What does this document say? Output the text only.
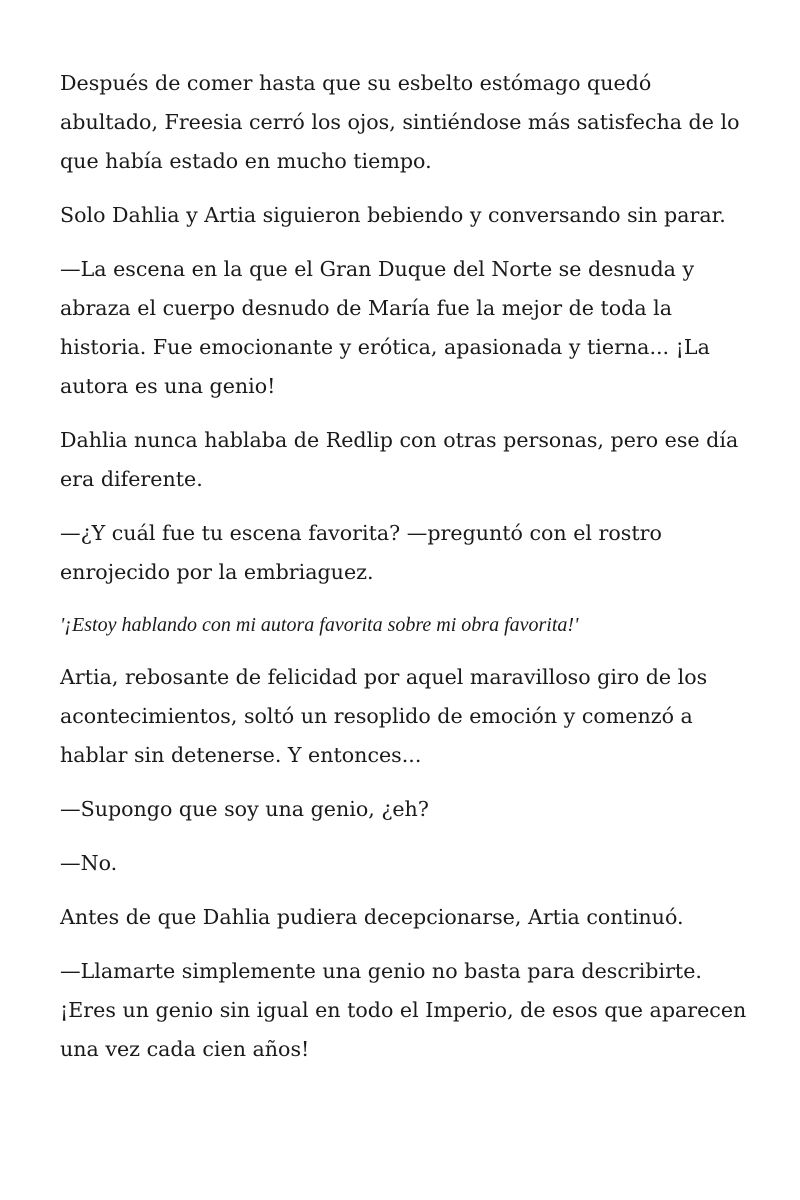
Después de comer hasta que su esbelto estómago quedó abultado, Freesia cerró los ojos, sintiéndose más satisfecha de lo que había estado en mucho tiempo.

Solo Dahlia y Artia siguieron bebiendo y conversando sin parar.

—La escena en la que el Gran Duque del Norte se desnuda y abraza el cuerpo desnudo de María fue la mejor de toda la historia. Fue emocionante y erótica, apasionada y tierna... ¡La autora es una genio!

Dahlia nunca hablaba de Redlip con otras personas, pero ese día era diferente.

—¿Y cuál fue tu escena favorita? —preguntó con el rostro enrojecido por la embriaguez.

'¡Estoy hablando con mi autora favorita sobre mi obra favorita!'

Artia, rebosante de felicidad por aquel maravilloso giro de los acontecimientos, soltó un resoplido de emoción y comenzó a hablar sin detenerse. Y entonces...

—Supongo que soy una genio, ¿eh?

—No.

Antes de que Dahlia pudiera decepcionarse, Artia continuó.

—Llamarte simplemente una genio no basta para describirte. ¡Eres un genio sin igual en todo el Imperio, de esos que aparecen una vez cada cien años!
